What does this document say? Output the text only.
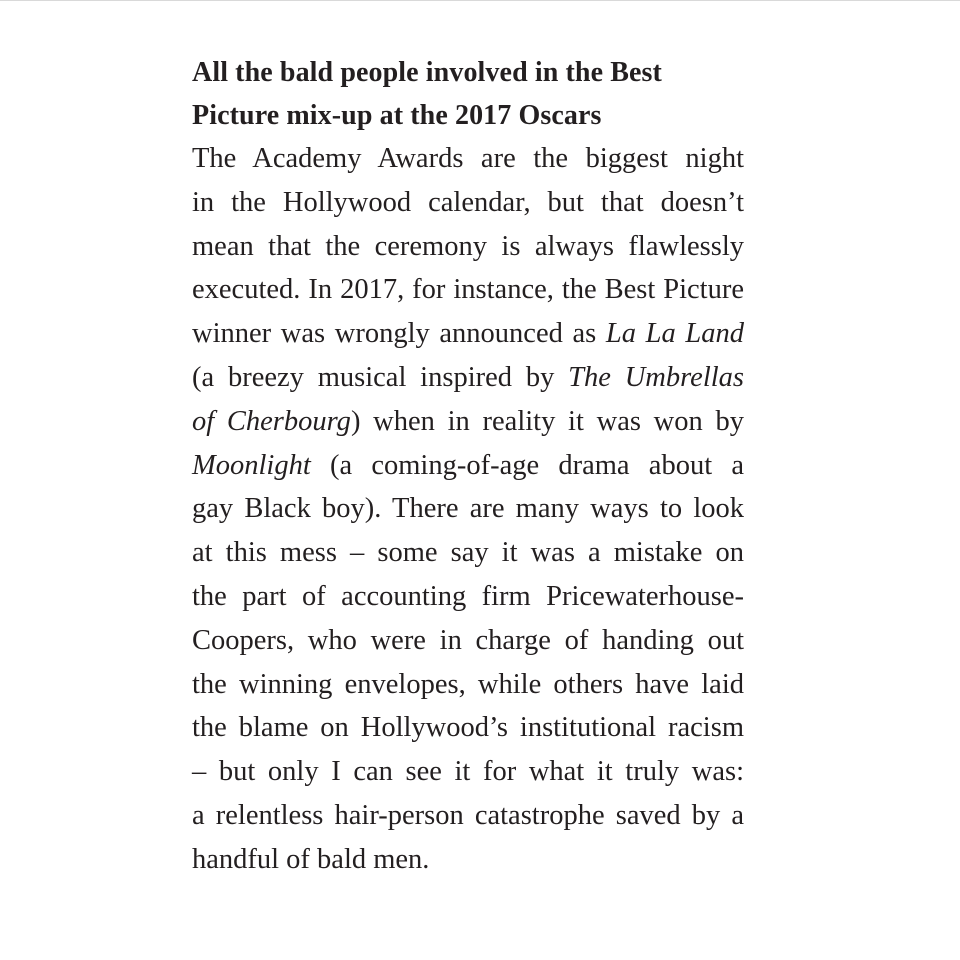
All the bald people involved in the Best
Picture mix-up at the 2017 Oscars

The Academy Awards are the biggest night
in the Hollywood calendar, but that doesn’t
mean that the ceremony is always flawlessly
executed. In 2017, for instance, the Best Picture
winner was wrongly announced as La La Land
(a breezy musical inspired by The Umbrellas
of Cherbourg) when in reality it was won by
Moonlight (a coming-of-age drama about a
gay Black boy). There are many ways to look
at this mess – some say it was a mistake on
the part of accounting firm Pricewaterhouse-
Coopers, who were in charge of handing out
the winning envelopes, while others have laid
the blame on Hollywood’s institutional racism
– but only I can see it for what it truly was:
a relentless hair-person catastrophe saved by a
handful of bald men.
